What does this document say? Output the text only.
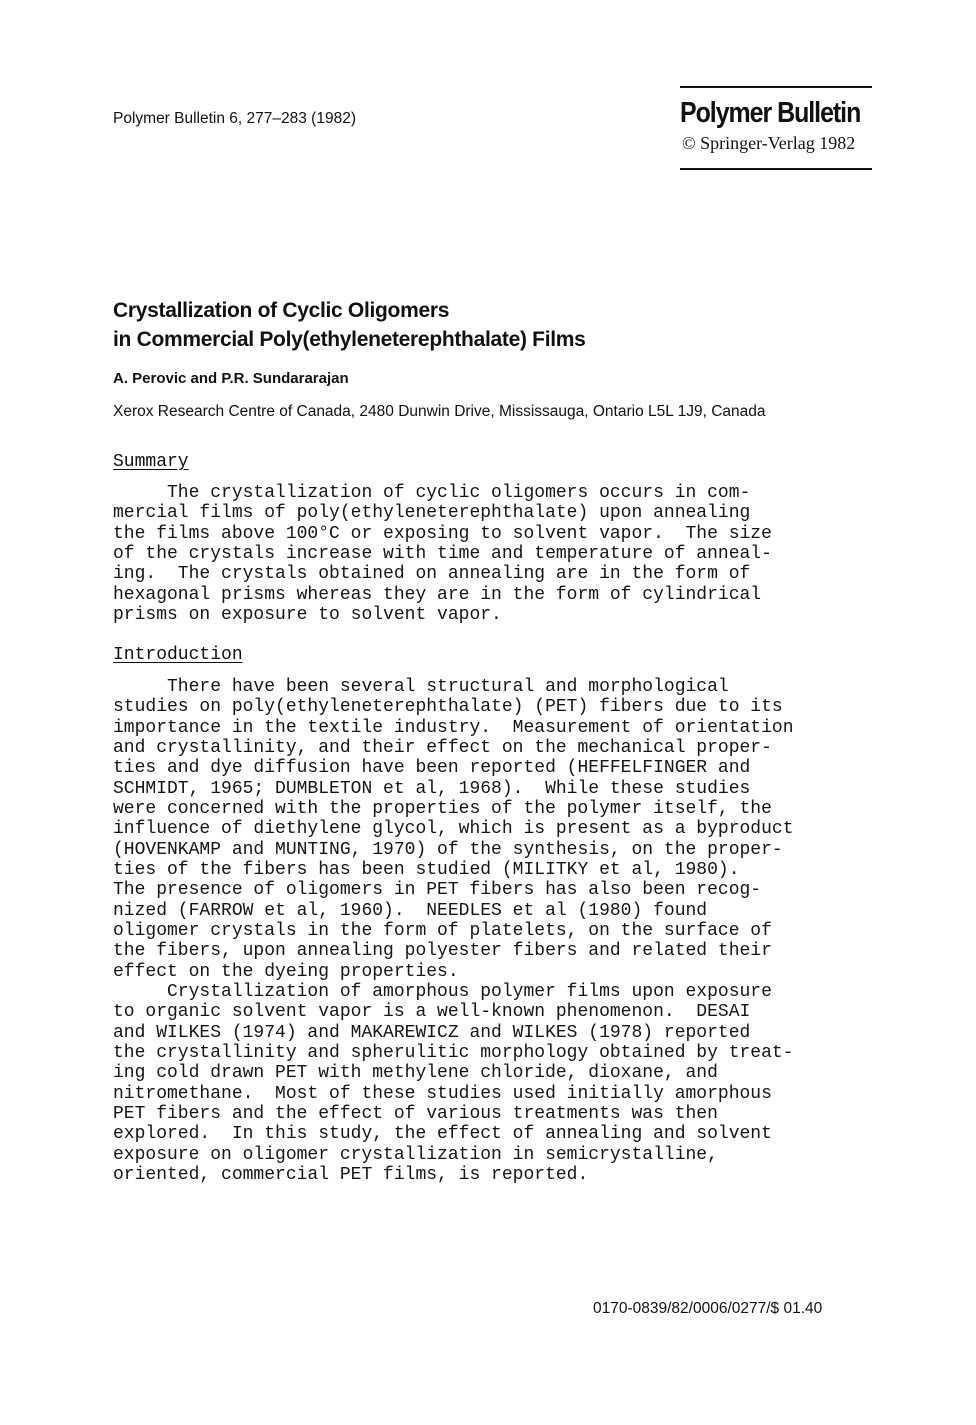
Polymer Bulletin 6, 277–283 (1982)	Polymer Bulletin
© Springer-Verlag 1982
Crystallization of Cyclic Oligomers
in Commercial Poly(ethyleneterephthalate) Films
A. Perovic and P.R. Sundararajan
Xerox Research Centre of Canada, 2480 Dunwin Drive, Mississauga, Ontario L5L 1J9, Canada
Summary
The crystallization of cyclic oligomers occurs in com-
mercial films of poly(ethyleneterephthalate) upon annealing
the films above 100°C or exposing to solvent vapor.  The size
of the crystals increase with time and temperature of anneal-
ing.  The crystals obtained on annealing are in the form of
hexagonal prisms whereas they are in the form of cylindrical
prisms on exposure to solvent vapor.
Introduction
There have been several structural and morphological
studies on poly(ethyleneterephthalate) (PET) fibers due to its
importance in the textile industry.  Measurement of orientation
and crystallinity, and their effect on the mechanical proper-
ties and dye diffusion have been reported (HEFFELFINGER and
SCHMIDT, 1965; DUMBLETON et al, 1968).  While these studies
were concerned with the properties of the polymer itself, the
influence of diethylene glycol, which is present as a byproduct
(HOVENKAMP and MUNTING, 1970) of the synthesis, on the proper-
ties of the fibers has been studied (MILITKY et al, 1980).
The presence of oligomers in PET fibers has also been recog-
nized (FARROW et al, 1960).  NEEDLES et al (1980) found
oligomer crystals in the form of platelets, on the surface of
the fibers, upon annealing polyester fibers and related their
effect on the dyeing properties.
Crystallization of amorphous polymer films upon exposure
to organic solvent vapor is a well-known phenomenon.  DESAI
and WILKES (1974) and MAKAREWICZ and WILKES (1978) reported
the crystallinity and spherulitic morphology obtained by treat-
ing cold drawn PET with methylene chloride, dioxane, and
nitromethane.  Most of these studies used initially amorphous
PET fibers and the effect of various treatments was then
explored.  In this study, the effect of annealing and solvent
exposure on oligomer crystallization in semicrystalline,
oriented, commercial PET films, is reported.
0170-0839/82/0006/0277/$ 01.40
